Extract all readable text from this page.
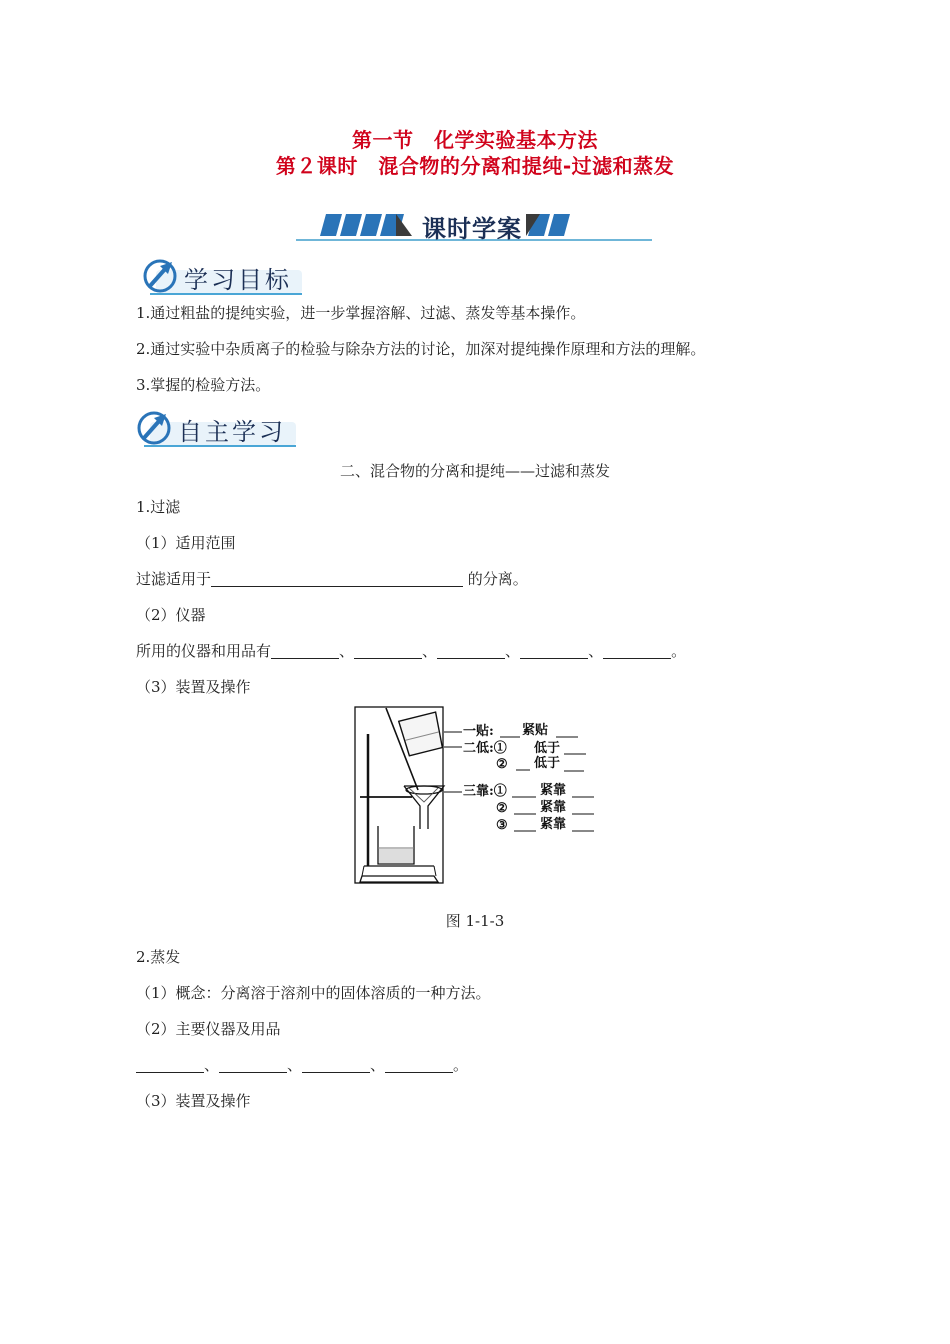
第一节　化学实验基本方法
第２课时　混合物的分离和提纯-过滤和蒸发
课时学案
学习目标
1.通过粗盐的提纯实验，进一步掌握溶解、过滤、蒸发等基本操作。
2.通过实验中杂质离子的检验与除杂方法的讨论，加深对提纯操作原理和方法的理解。
3.掌握的检验方法。
自主学习
二、混合物的分离和提纯——过滤和蒸发
1.过滤
（1）适用范围
过滤适用于	的分离。
（2）仪器
所用的仪器和用品有	、	、	、	、	。
（3）装置及操作
一贴: 紧贴
二低:① 低于
② 低于
三靠:①	紧靠
② 紧靠
③ 紧靠
图 1-1-3
2.蒸发
（1）概念：分离溶于溶剂中的固体溶质的一种方法。
（2）主要仪器及用品
、	、	、	。
（3）装置及操作
